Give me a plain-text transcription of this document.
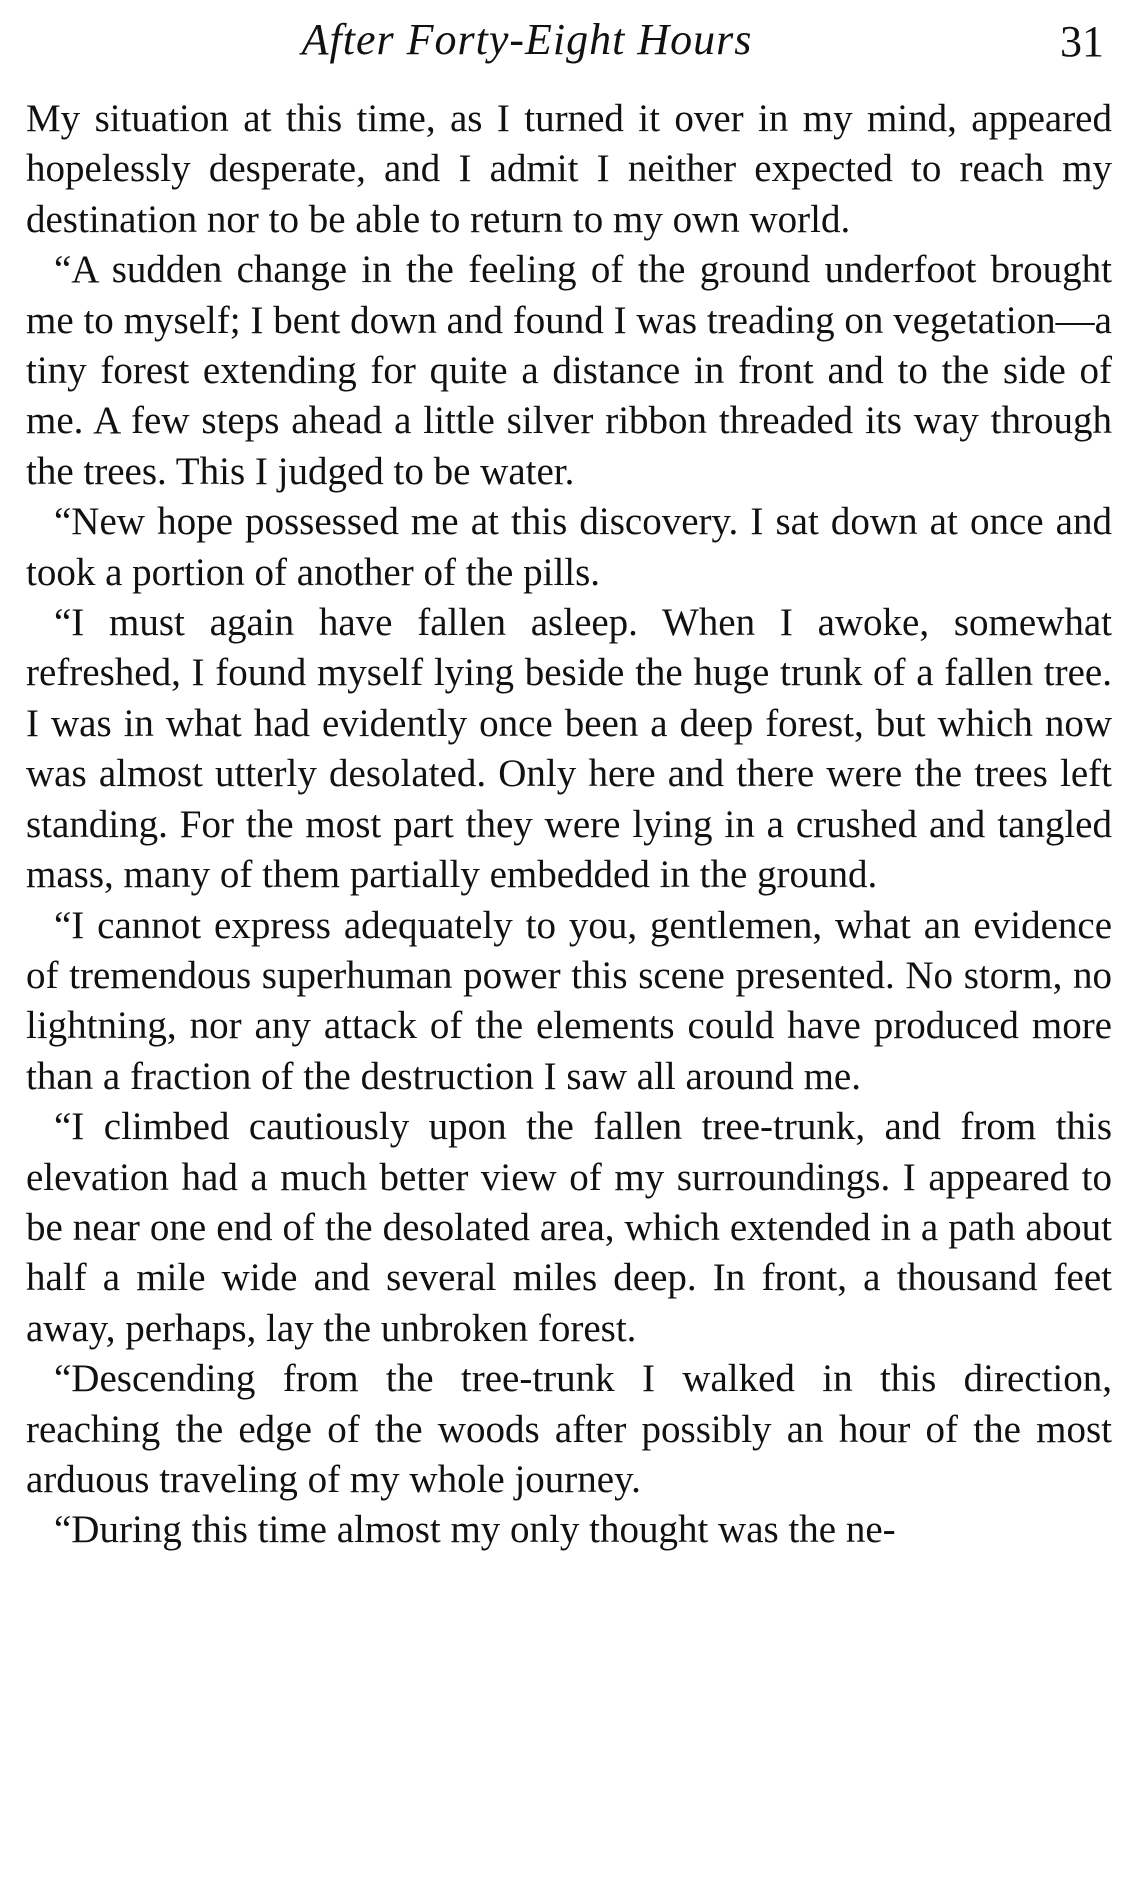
After Forty-Eight Hours	31

My situation at this time, as I turned it over in my mind, appeared hopelessly desperate, and I admit I neither expected to reach my destination nor to be able to return to my own world.

“A sudden change in the feeling of the ground underfoot brought me to myself; I bent down and found I was treading on vegetation—a tiny forest extending for quite a distance in front and to the side of me. A few steps ahead a little silver ribbon threaded its way through the trees. This I judged to be water.

“New hope possessed me at this discovery. I sat down at once and took a portion of another of the pills.

“I must again have fallen asleep. When I awoke, somewhat refreshed, I found myself lying beside the huge trunk of a fallen tree. I was in what had evidently once been a deep forest, but which now was almost utterly desolated. Only here and there were the trees left standing. For the most part they were lying in a crushed and tangled mass, many of them partially embedded in the ground.

“I cannot express adequately to you, gentlemen, what an evidence of tremendous superhuman power this scene presented. No storm, no lightning, nor any attack of the elements could have produced more than a fraction of the destruction I saw all around me.

“I climbed cautiously upon the fallen tree-trunk, and from this elevation had a much better view of my surroundings. I appeared to be near one end of the desolated area, which extended in a path about half a mile wide and several miles deep. In front, a thousand feet away, perhaps, lay the unbroken forest.

“Descending from the tree-trunk I walked in this direction, reaching the edge of the woods after possibly an hour of the most arduous traveling of my whole journey.

“During this time almost my only thought was the ne-
